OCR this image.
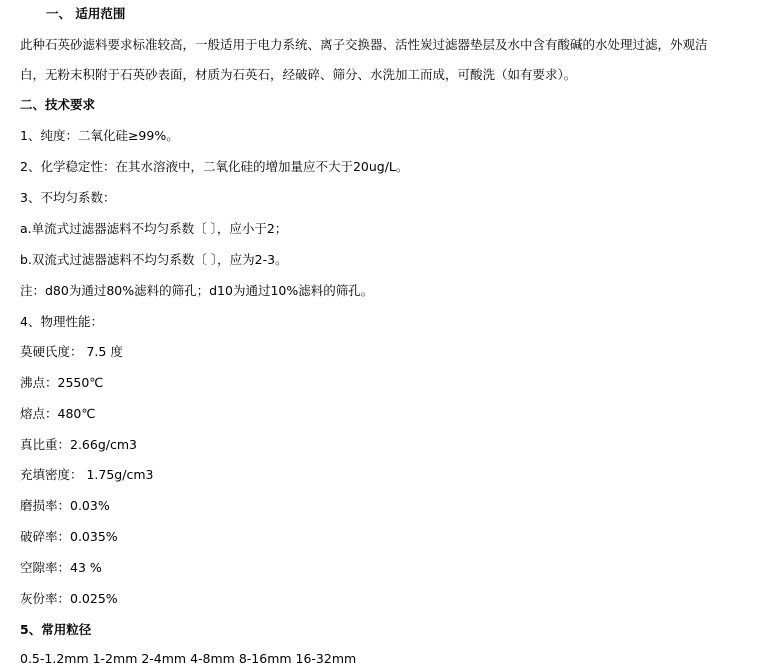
一、 适用范围
此种石英砂滤料要求标准较高，一般适用于电力系统、离子交换器、活性炭过滤器垫层及水中含有酸碱的水处理过滤，外观洁
白，无粉末积附于石英砂表面，材质为石英石，经破碎、筛分、水洗加工而成，可酸洗（如有要求）。
二、技术要求
1、纯度：二氧化硅≥99%。
2、化学稳定性：在其水溶液中，二氧化硅的增加量应不大于20ug/L。
3、不均匀系数：
a.单流式过滤器滤料不均匀系数〔 〕，应小于2；
b.双流式过滤器滤料不均匀系数〔 〕，应为2-3。
注：d80为通过80%滤料的筛孔；d10为通过10%滤料的筛孔。
4、物理性能：
莫硬氏度： 7.5 度
沸点：2550℃
熔点：480℃
真比重：2.66g/cm3
充填密度： 1.75g/cm3
磨损率：0.03%
破碎率：0.035%
空隙率：43 %
灰份率：0.025%
5、常用粒径
0.5-1.2mm 1-2mm 2-4mm 4-8mm 8-16mm 16-32mm
